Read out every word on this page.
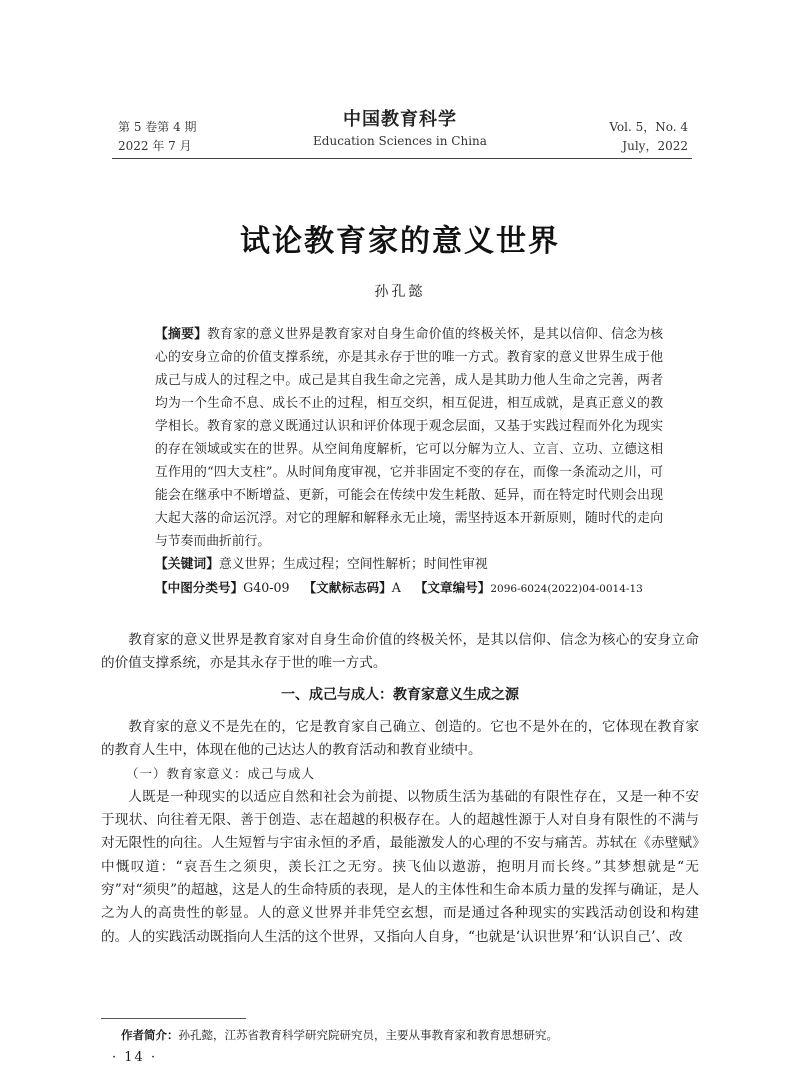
第 5 卷第 4 期
2022 年 7 月
中国教育科学
Education Sciences in China
Vol. 5，No. 4
July，2022
试论教育家的意义世界
孙孔懿

【摘要】教育家的意义世界是教育家对自身生命价值的终极关怀，是其以信仰、信念为核心的安身立命的价值支撑系统，亦是其永存于世的唯一方式。教育家的意义世界生成于他成己与成人的过程之中。成己是其自我生命之完善，成人是其助力他人生命之完善，两者均为一个生命不息、成长不止的过程，相互交织，相互促进，相互成就，是真正意义的教学相长。教育家的意义既通过认识和评价体现于观念层面，又基于实践过程而外化为现实的存在领域或实在的世界。从空间角度解析，它可以分解为立人、立言、立功、立德这相互作用的“四大支柱”。从时间角度审视，它并非固定不变的存在，而像一条流动之川，可能会在继承中不断增益、更新，可能会在传续中发生耗散、延异，而在特定时代则会出现大起大落的命运沉浮。对它的理解和解释永无止境，需坚持返本开新原则，随时代的走向与节奏而曲折前行。

【关键词】意义世界；生成过程；空间性解析；时间性审视

【中图分类号】G40-09 【文献标志码】A 【文章编号】2096-6024(2022)04-0014-13

教育家的意义世界是教育家对自身生命价值的终极关怀，是其以信仰、信念为核心的安身立命的价值支撑系统，亦是其永存于世的唯一方式。

一、成己与成人：教育家意义生成之源

教育家的意义不是先在的，它是教育家自己确立、创造的。它也不是外在的，它体现在教育家的教育人生中，体现在他的己达达人的教育活动和教育业绩中。

（一）教育家意义：成己与成人

人既是一种现实的以适应自然和社会为前提、以物质生活为基础的有限性存在，又是一种不安于现状、向往着无限、善于创造、志在超越的积极存在。人的超越性源于人对自身有限性的不满与对无限性的向往。人生短暂与宇宙永恒的矛盾，最能激发人的心理的不安与痛苦。苏轼在《赤壁赋》中慨叹道：“哀吾生之须臾，羡长江之无穷。挟飞仙以遨游，抱明月而长终。”其梦想就是“无穷”对“须臾”的超越，这是人的生命特质的表现，是人的主体性和生命本质力量的发挥与确证，是人之为人的高贵性的彰显。人的意义世界并非凭空玄想，而是通过各种现实的实践活动创设和构建的。人的实践活动既指向人生活的这个世界，又指向人自身，“也就是‘认识世界’和‘认识自己’、改

作者简介：孙孔懿，江苏省教育科学研究院研究员，主要从事教育家和教育思想研究。
· 14 ·
